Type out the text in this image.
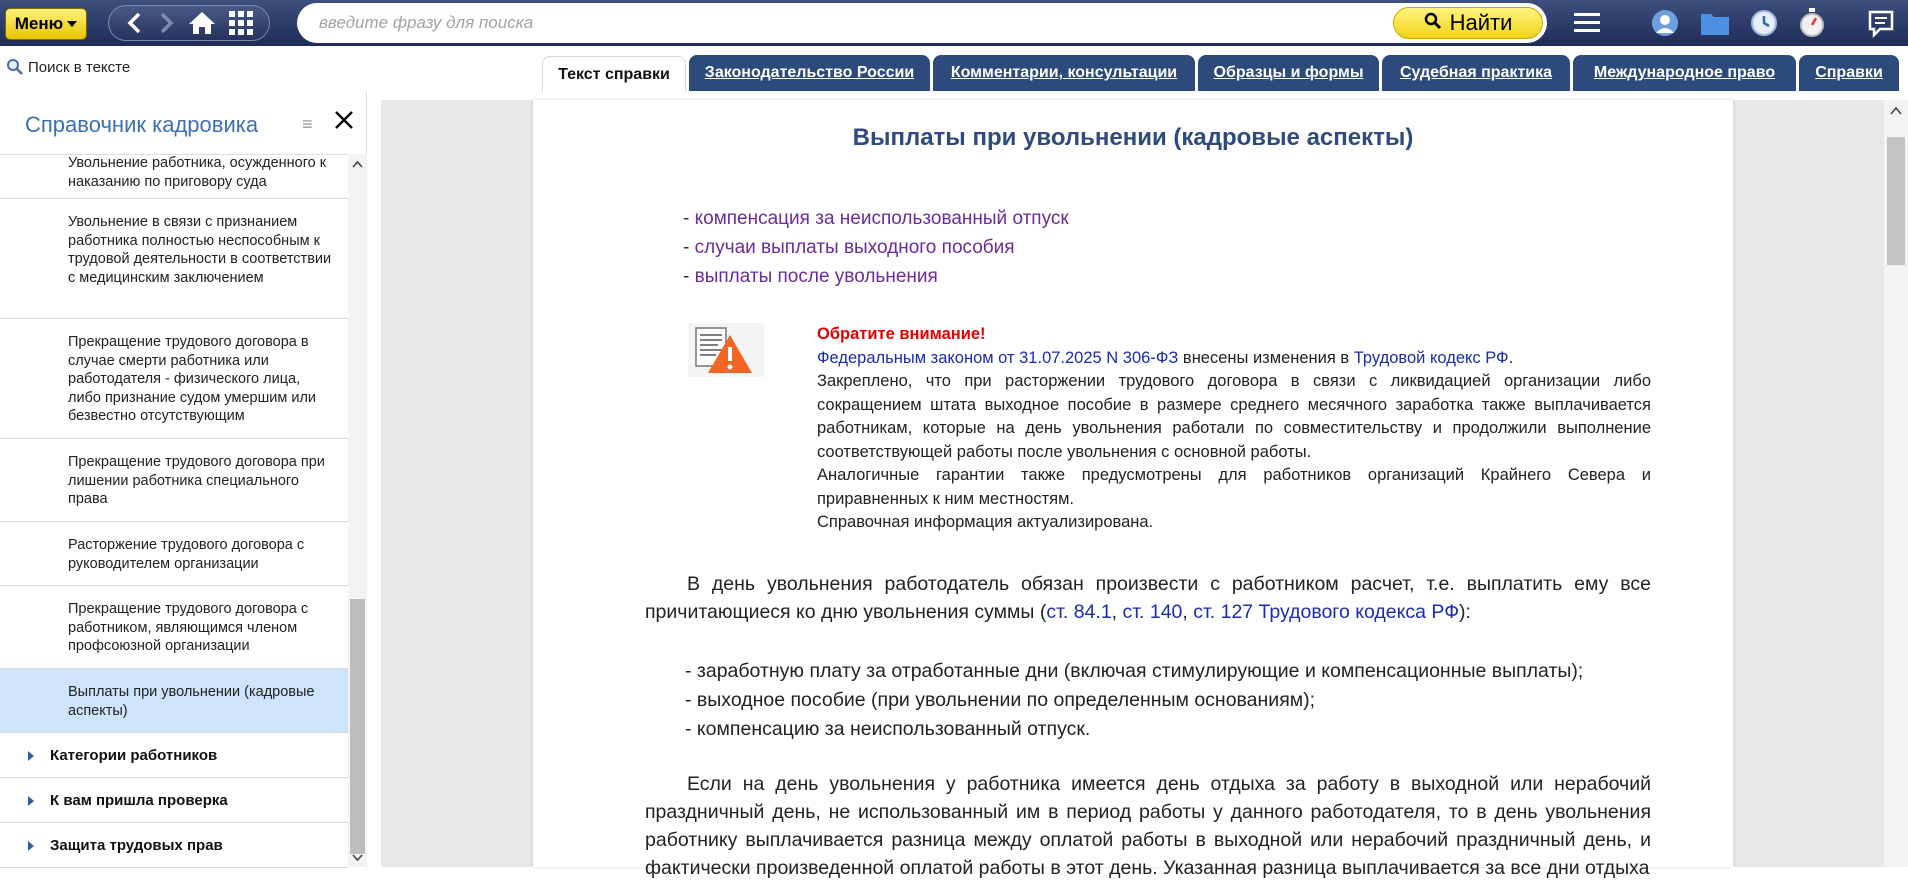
Меню
введите фразу для поиска	Найти
Поиск в тексте	Текст справки	Законодательство России	Комментарии, консультации	Образцы и формы	Судебная практика	Международное право	Справки
Справочник кадровика ≡
Увольнение работника, осужденного к наказанию по приговору суда
Увольнение в связи с признанием работника полностью неспособным к трудовой деятельности в соответствии с медицинским заключением
Прекращение трудового договора в случае смерти работника или работодателя - физического лица, либо признание судом умершим или безвестно отсутствующим
Прекращение трудового договора при лишении работника специального права
Расторжение трудового договора с руководителем организации
Прекращение трудового договора с работником, являющимся членом профсоюзной организации
Выплаты при увольнении (кадровые аспекты)
Категории работников
К вам пришла проверка
Защита трудовых прав
Выплаты при увольнении (кадровые аспекты)
- компенсация за неиспользованный отпуск
- случаи выплаты выходного пособия
- выплаты после увольнения
Обратите внимание!
Федеральным законом от 31.07.2025 N 306-ФЗ внесены изменения в Трудовой кодекс РФ.
Закреплено, что при расторжении трудового договора в связи с ликвидацией организации либо сокращением штата выходное пособие в размере среднего месячного заработка также выплачивается работникам, которые на день увольнения работали по совместительству и продолжили выполнение соответствующей работы после увольнения с основной работы.
Аналогичные гарантии также предусмотрены для работников организаций Крайнего Севера и приравненных к ним местностям.
Справочная информация актуализирована.
В день увольнения работодатель обязан произвести с работником расчет, т.е. выплатить ему все причитающиеся ко дню увольнения суммы (ст. 84.1, ст. 140, ст. 127 Трудового кодекса РФ):
- заработную плату за отработанные дни (включая стимулирующие и компенсационные выплаты);
- выходное пособие (при увольнении по определенным основаниям);
- компенсацию за неиспользованный отпуск.
Если на день увольнения у работника имеется день отдыха за работу в выходной или нерабочий праздничный день, не использованный им в период работы у данного работодателя, то в день увольнения работнику выплачивается разница между оплатой работы в выходной или нерабочий праздничный день, и фактически произведенной оплатой работы в этот день. Указанная разница выплачивается за все дни отдыха
